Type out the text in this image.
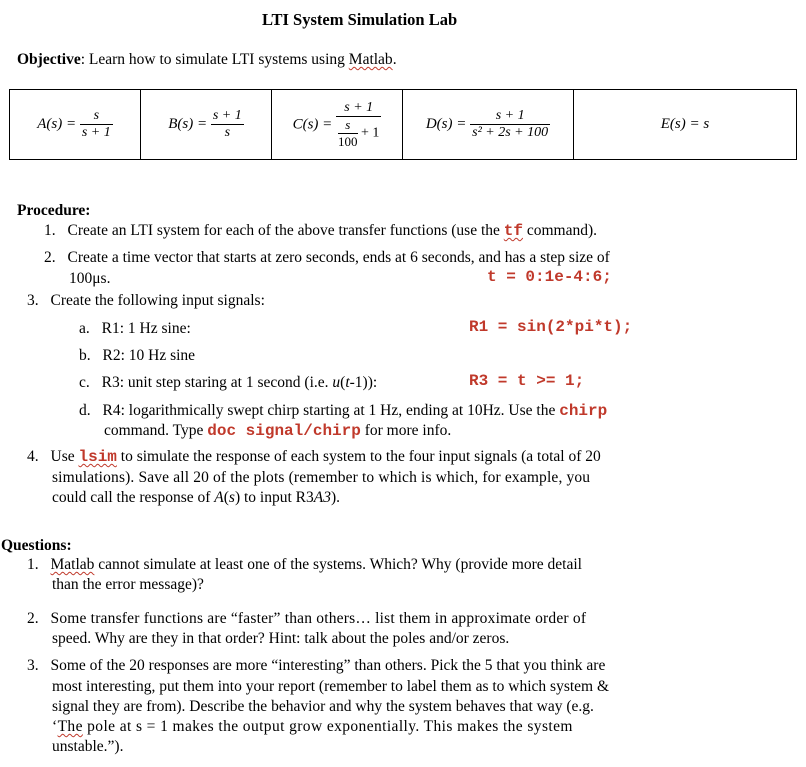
LTI System Simulation Lab
Objective: Learn how to simulate LTI systems using Matlab.
$A(s) = \frac{s}{s + 1}$	$B(s) = \frac{s + 1}{s}$	$C(s) = \frac{s + 1}{\frac{s}{100} + 1}$	$D(s) = \frac{s + 1}{\text{s² + 2s + 100}}$	E(s) = s
Procedure:
1. Create an LTI system for each of the above transfer functions (use the tf command).
2. Create a time vector that starts at zero seconds, ends at 6 seconds, and has a step size of
100μs.	t = 0:1e-4:6;
3. Create the following input signals:
a. R1: 1 Hz sine:	R1 = sin(2*pi*t);
b. R2: 10 Hz sine
c. R3: unit step staring at 1 second (i.e. u(t-1)):	R3 = t >= 1;
d. R4: logarithmically swept chirp starting at 1 Hz, ending at 10Hz. Use the chirp
command. Type doc signal/chirp for more info.
4. Use lsim to simulate the response of each system to the four input signals (a total of 20
simulations). Save all 20 of the plots (remember to which is which, for example, you
could call the response of A(s) to input R3A3).
Questions:
1. Matlab cannot simulate at least one of the systems. Which? Why (provide more detail
than the error message)?
2. Some transfer functions are “faster” than others… list them in approximate order of
speed. Why are they in that order? Hint: talk about the poles and/or zeros.
3. Some of the 20 responses are more “interesting” than others. Pick the 5 that you think are
most interesting, put them into your report (remember to label them as to which system &
signal they are from). Describe the behavior and why the system behaves that way (e.g.
‘The pole at s = 1 makes the output grow exponentially. This makes the system
unstable.”).
